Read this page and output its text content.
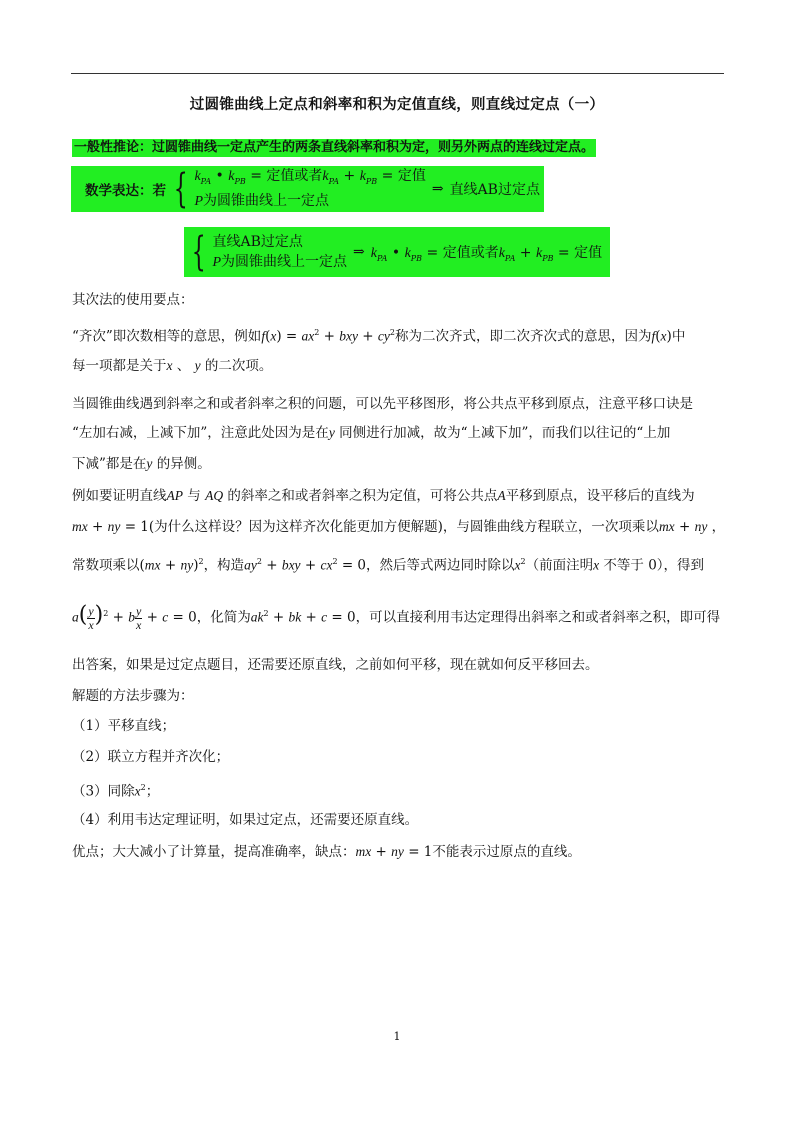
过圆锥曲线上定点和斜率和积为定值直线，则直线过定点（一）
一般性推论：过圆锥曲线一定点产生的两条直线斜率和积为定，则另外两点的连线过定点。
数学表达：若 { $k_{PA}$ • $k_{PB}$ = 定值或者$k_{PA} + k_{PB}$ = 定值
P为圆锥曲线上一定点
⇒ 直线AB过定点
{ 直线AB过定点
P为圆锥曲线上一定点
⇒ $k_{PA}$ • $k_{PB}$ = 定值或者$k_{PA} + k_{PB}$ = 定值
其次法的使用要点：
“齐次”即次数相等的意思，例如$f(x) = ax^2$ + bxy + $cy^2$称为二次齐式，即二次齐次式的意思，因为f(x)中
每一项都是关于x 、 y 的二次项。
当圆锥曲线遇到斜率之和或者斜率之积的问题，可以先平移图形，将公共点平移到原点，注意平移口诀是
“左加右减，上减下加”，注意此处因为是在y 同侧进行加减，故为“上减下加”，而我们以往记的“上加
下减”都是在y 的异侧。
例如要证明直线AP 与 AQ 的斜率之和或者斜率之积为定值，可将公共点A平移到原点，设平移后的直线为
mx + ny = 1(为什么这样设？因为这样齐次化能更加方便解题)，与圆锥曲线方程联立，一次项乘以mx + ny ，
常数项乘以(mx + ny)$^2$，构造$ay^2$ + bxy + $cx^2 = 0$，然后等式两边同时除以$x^2$（前面注明x 不等于 0），得到
$a( \frac{y}{x} )^2 + b \frac{y}{x} + c = 0$，化简为$ak^2$ + bk + c = 0，可以直接利用韦达定理得出斜率之和或者斜率之积，即可得
出答案，如果是过定点题目，还需要还原直线，之前如何平移，现在就如何反平移回去。
解题的方法步骤为：
（1）平移直线；
（2）联立方程并齐次化；
（3）同除$x^2$；
（4）利用韦达定理证明，如果过定点，还需要还原直线。
优点；大大减小了计算量，提高准确率，缺点：mx + ny = 1不能表示过原点的直线。
1
